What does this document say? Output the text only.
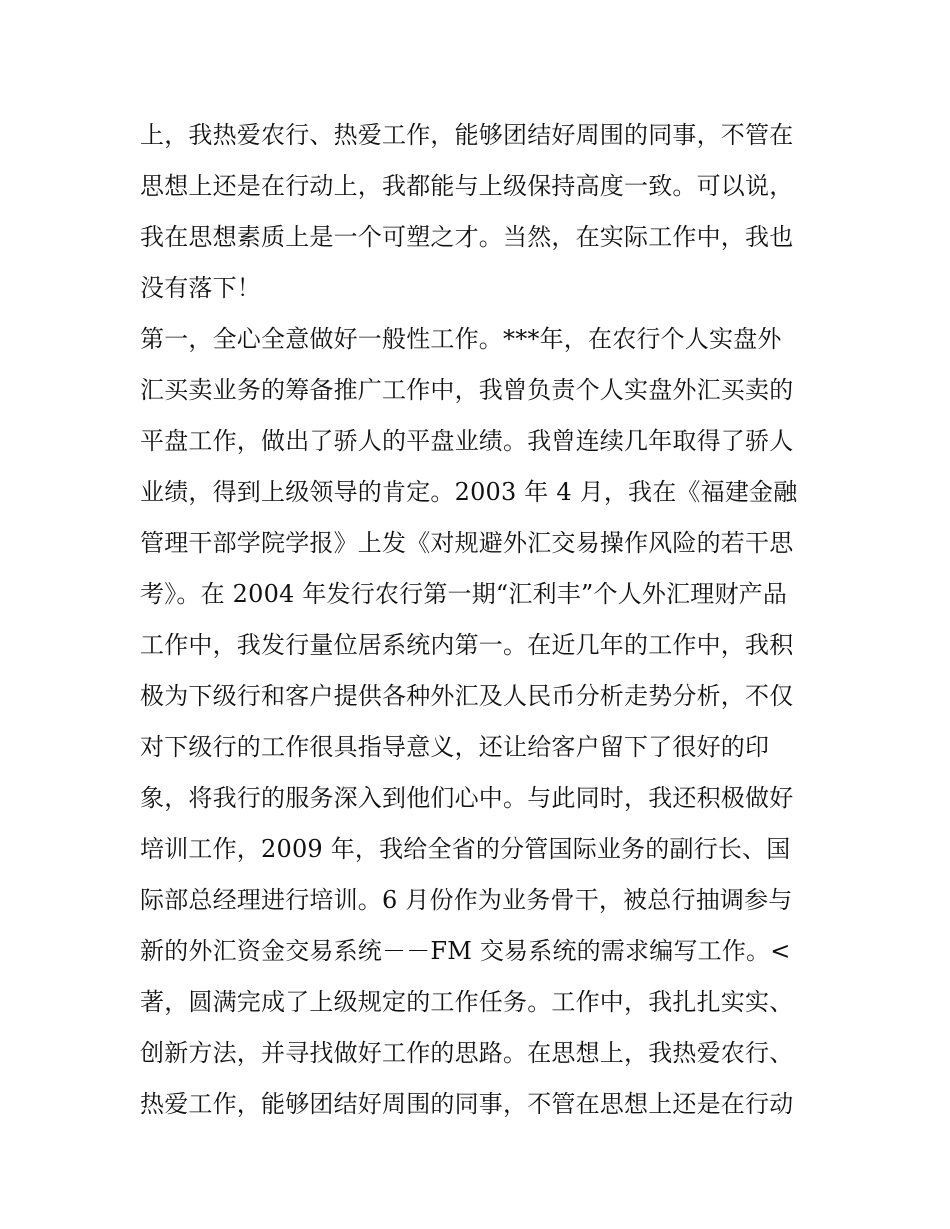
上，我热爱农行、热爱工作，能够团结好周围的同事，不管在
思想上还是在行动上，我都能与上级保持高度一致。可以说，
我在思想素质上是一个可塑之才。当然，在实际工作中，我也
没有落下！
第一，全心全意做好一般性工作。***年，在农行个人实盘外
汇买卖业务的筹备推广工作中，我曾负责个人实盘外汇买卖的
平盘工作，做出了骄人的平盘业绩。我曾连续几年取得了骄人
业绩，得到上级领导的肯定。2003 年 4 月，我在《福建金融
管理干部学院学报》上发《对规避外汇交易操作风险的若干思
考》。在 2004 年发行农行第一期“汇利丰”个人外汇理财产品
工作中，我发行量位居系统内第一。在近几年的工作中，我积
极为下级行和客户提供各种外汇及人民币分析走势分析，不仅
对下级行的工作很具指导意义，还让给客户留下了很好的印
象，将我行的服务深入到他们心中。与此同时，我还积极做好
培训工作，2009 年，我给全省的分管国际业务的副行长、国
际部总经理进行培训。6 月份作为业务骨干，被总行抽调参与
新的外汇资金交易系统－－FM 交易系统的需求编写工作。<
著，圆满完成了上级规定的工作任务。工作中，我扎扎实实、
创新方法，并寻找做好工作的思路。在思想上，我热爱农行、
热爱工作，能够团结好周围的同事，不管在思想上还是在行动
